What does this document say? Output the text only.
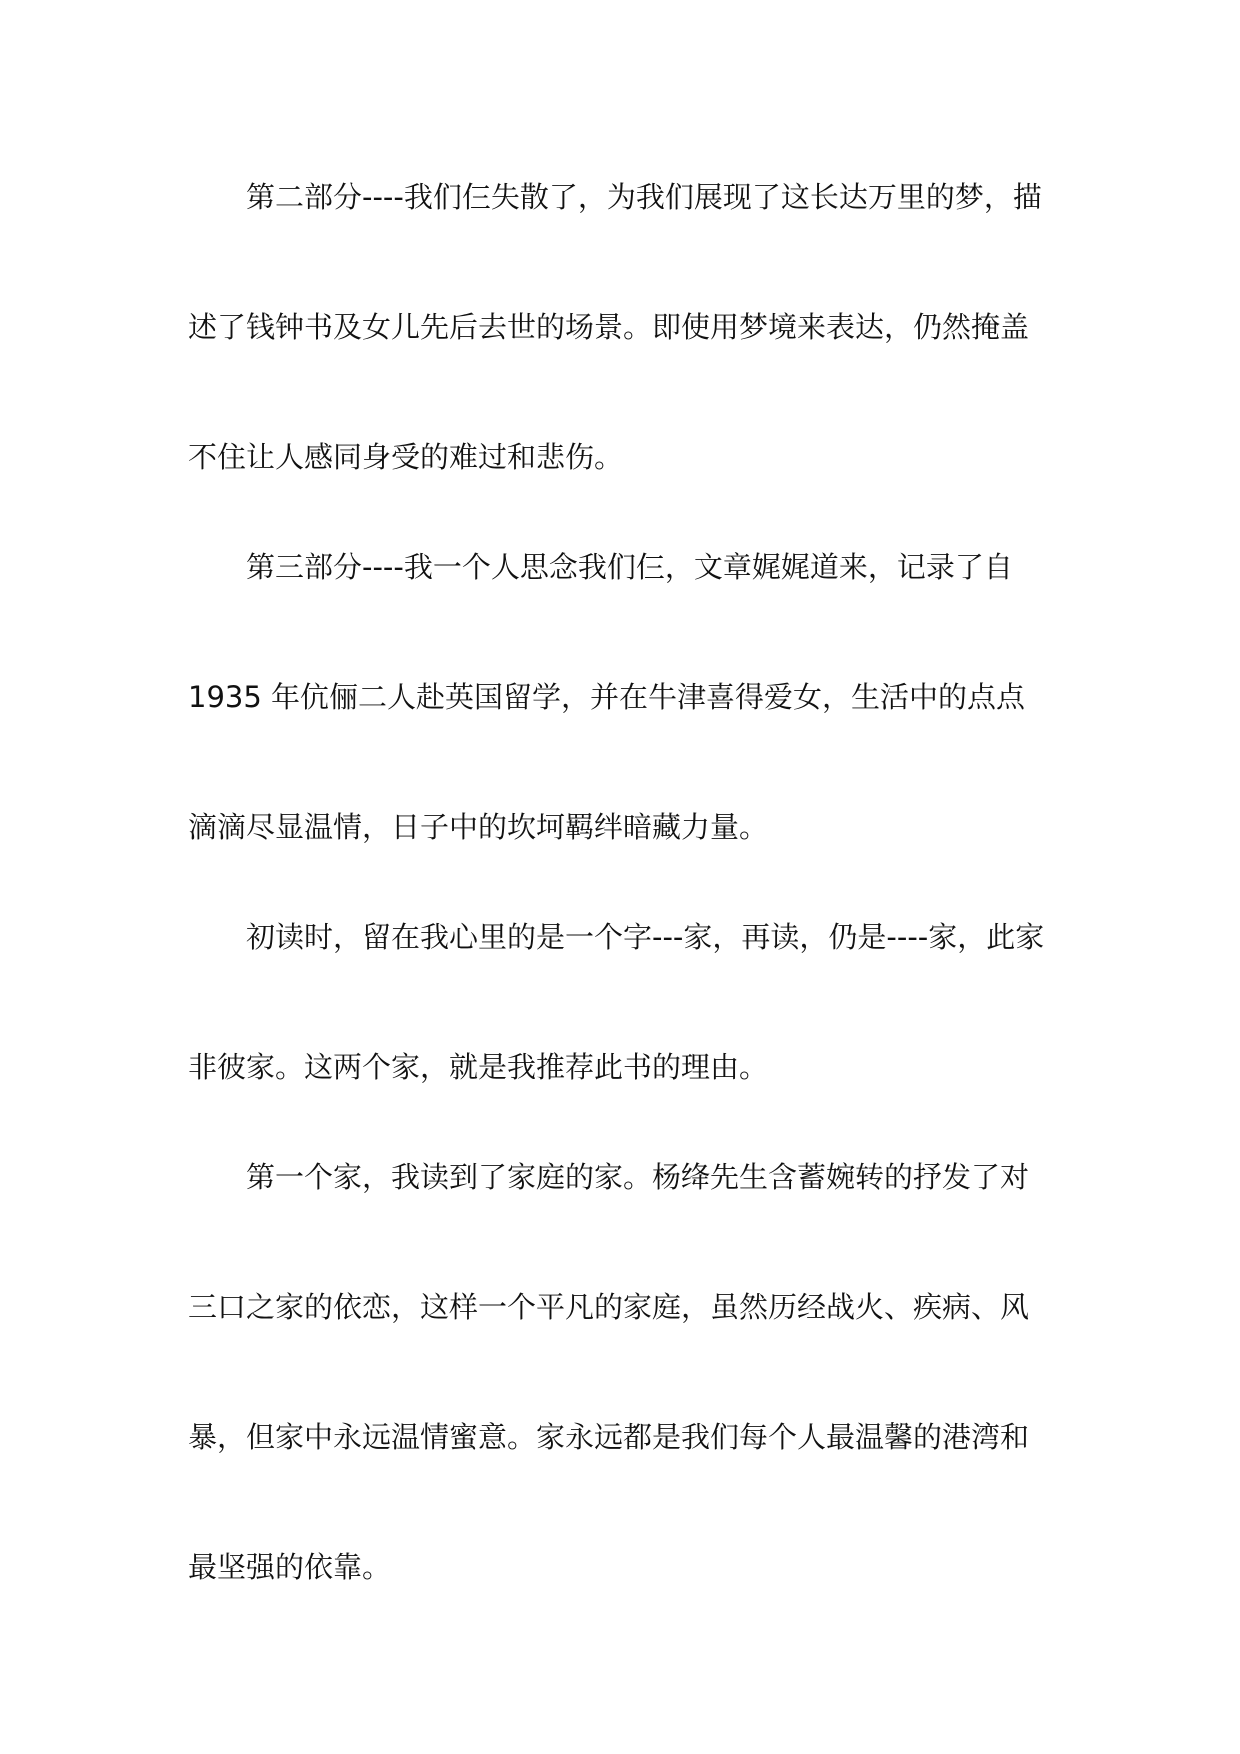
第二部分----我们仨失散了，为我们展现了这长达万里的梦，描

述了钱钟书及女儿先后去世的场景。即使用梦境来表达，仍然掩盖

不住让人感同身受的难过和悲伤。

第三部分----我一个人思念我们仨，文章娓娓道来，记录了自

1935 年伉俪二人赴英国留学，并在牛津喜得爱女，生活中的点点

滴滴尽显温情，日子中的坎坷羁绊暗藏力量。

初读时，留在我心里的是一个字---家，再读，仍是----家，此家

非彼家。这两个家，就是我推荐此书的理由。

第一个家，我读到了家庭的家。杨绛先生含蓄婉转的抒发了对

三口之家的依恋，这样一个平凡的家庭，虽然历经战火、疾病、风

暴，但家中永远温情蜜意。家永远都是我们每个人最温馨的港湾和

最坚强的依靠。
